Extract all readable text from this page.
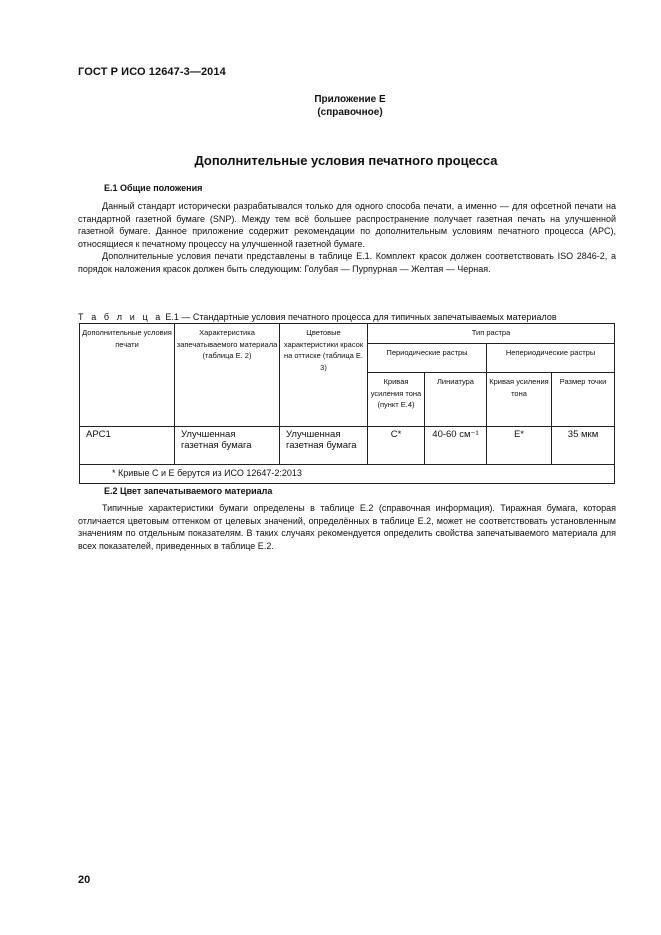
ГОСТ Р ИСО 12647-3—2014
Приложение E
(справочное)
Дополнительные условия печатного процесса
E.1 Общие положения

Данный стандарт исторически разрабатывался только для одного способа печати, а именно — для офсетной печати на стандартной газетной бумаге (SNP). Между тем всё большее распространение получает газетная печать на улучшенной газетной бумаге. Данное приложение содержит рекомендации по дополнительным условиям печатного процесса (APC), относящиеся к печатному процессу на улучшенной газетной бумаге.

Дополнительные условия печати представлены в таблице E.1. Комплект красок должен соответствовать ISO 2846-2, а порядок наложения красок должен быть следующим: Голубая — Пурпурная — Желтая — Черная.

Т а б л и ц а E.1 — Стандартные условия печатного процесса для типичных запечатываемых материалов
Дополнительные условия печати	Характеристика запечатываемого материала (таблица E. 2)	Цветовые характеристики красок на оттиске (таблица E. 3)	Тип растра			
			Периодические растры		Непериодические растры	
			Кривая усиления тона (пункт E.4)	Линиатура	Кривая усиления тона	Размер точки
APC1	Улучшенная газетная бумага	Улучшенная газетная бумага	C*	40-60 см⁻¹	E*	35 мкм
* Кривые C и E берутся из ИСО 12647-2:2013						
E.2 Цвет запечатываемого материала

Типичные характеристики бумаги определены в таблице E.2 (справочная информация). Тиражная бумага, которая отличается цветовым оттенком от целевых значений, определённых в таблице E.2, может не соответствовать установленным значениям по отдельным показателям. В таких случаях рекомендуется определить свойства запечатываемого материала для всех показателей, приведенных в таблице E.2.

20
